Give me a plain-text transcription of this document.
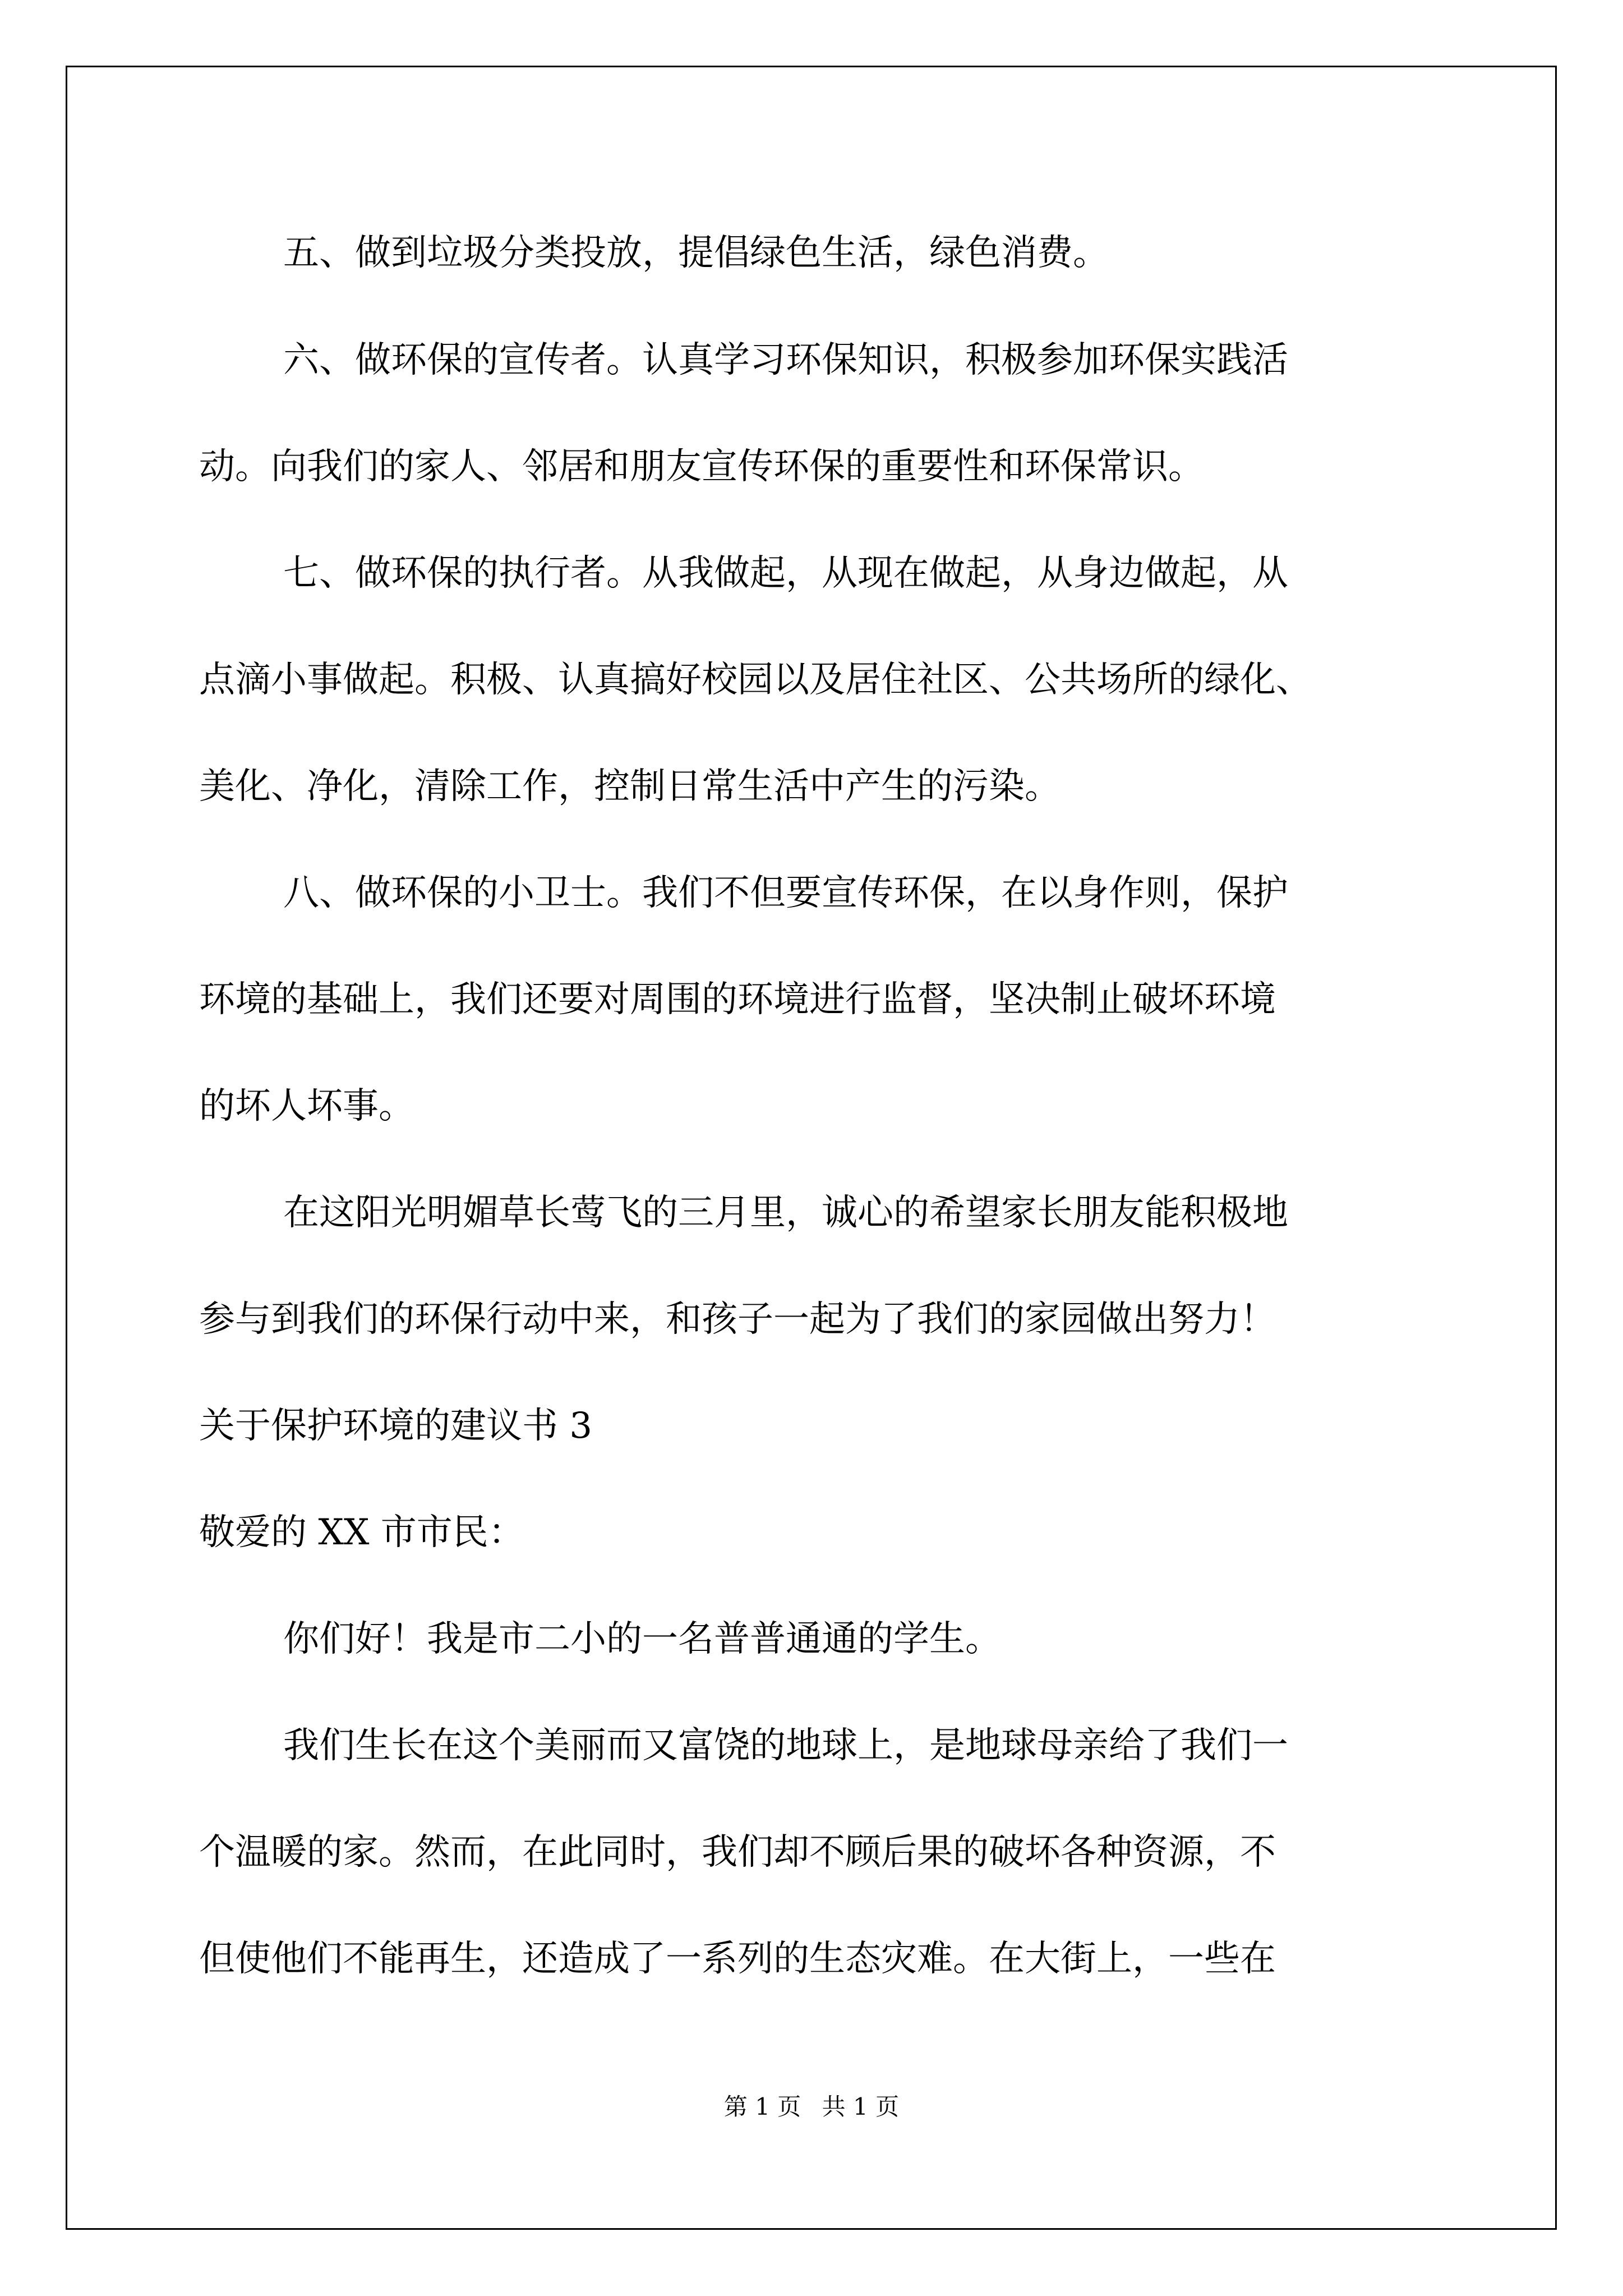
五、做到垃圾分类投放，提倡绿色生活，绿色消费。
六、做环保的宣传者。认真学习环保知识，积极参加环保实践活
动。向我们的家人、邻居和朋友宣传环保的重要性和环保常识。
七、做环保的执行者。从我做起，从现在做起，从身边做起，从
点滴小事做起。积极、认真搞好校园以及居住社区、公共场所的绿化、
美化、净化，清除工作，控制日常生活中产生的污染。
八、做环保的小卫士。我们不但要宣传环保，在以身作则，保护
环境的基础上，我们还要对周围的环境进行监督，坚决制止破坏环境
的坏人坏事。
在这阳光明媚草长莺飞的三月里，诚心的希望家长朋友能积极地
参与到我们的环保行动中来，和孩子一起为了我们的家园做出努力！
关于保护环境的建议书 3
敬爱的 XX 市市民：
你们好！我是市二小的一名普普通通的学生。
我们生长在这个美丽而又富饶的地球上，是地球母亲给了我们一
个温暖的家。然而，在此同时，我们却不顾后果的破坏各种资源，不
但使他们不能再生，还造成了一系列的生态灾难。在大街上，一些在
第 1 页 共 1 页
